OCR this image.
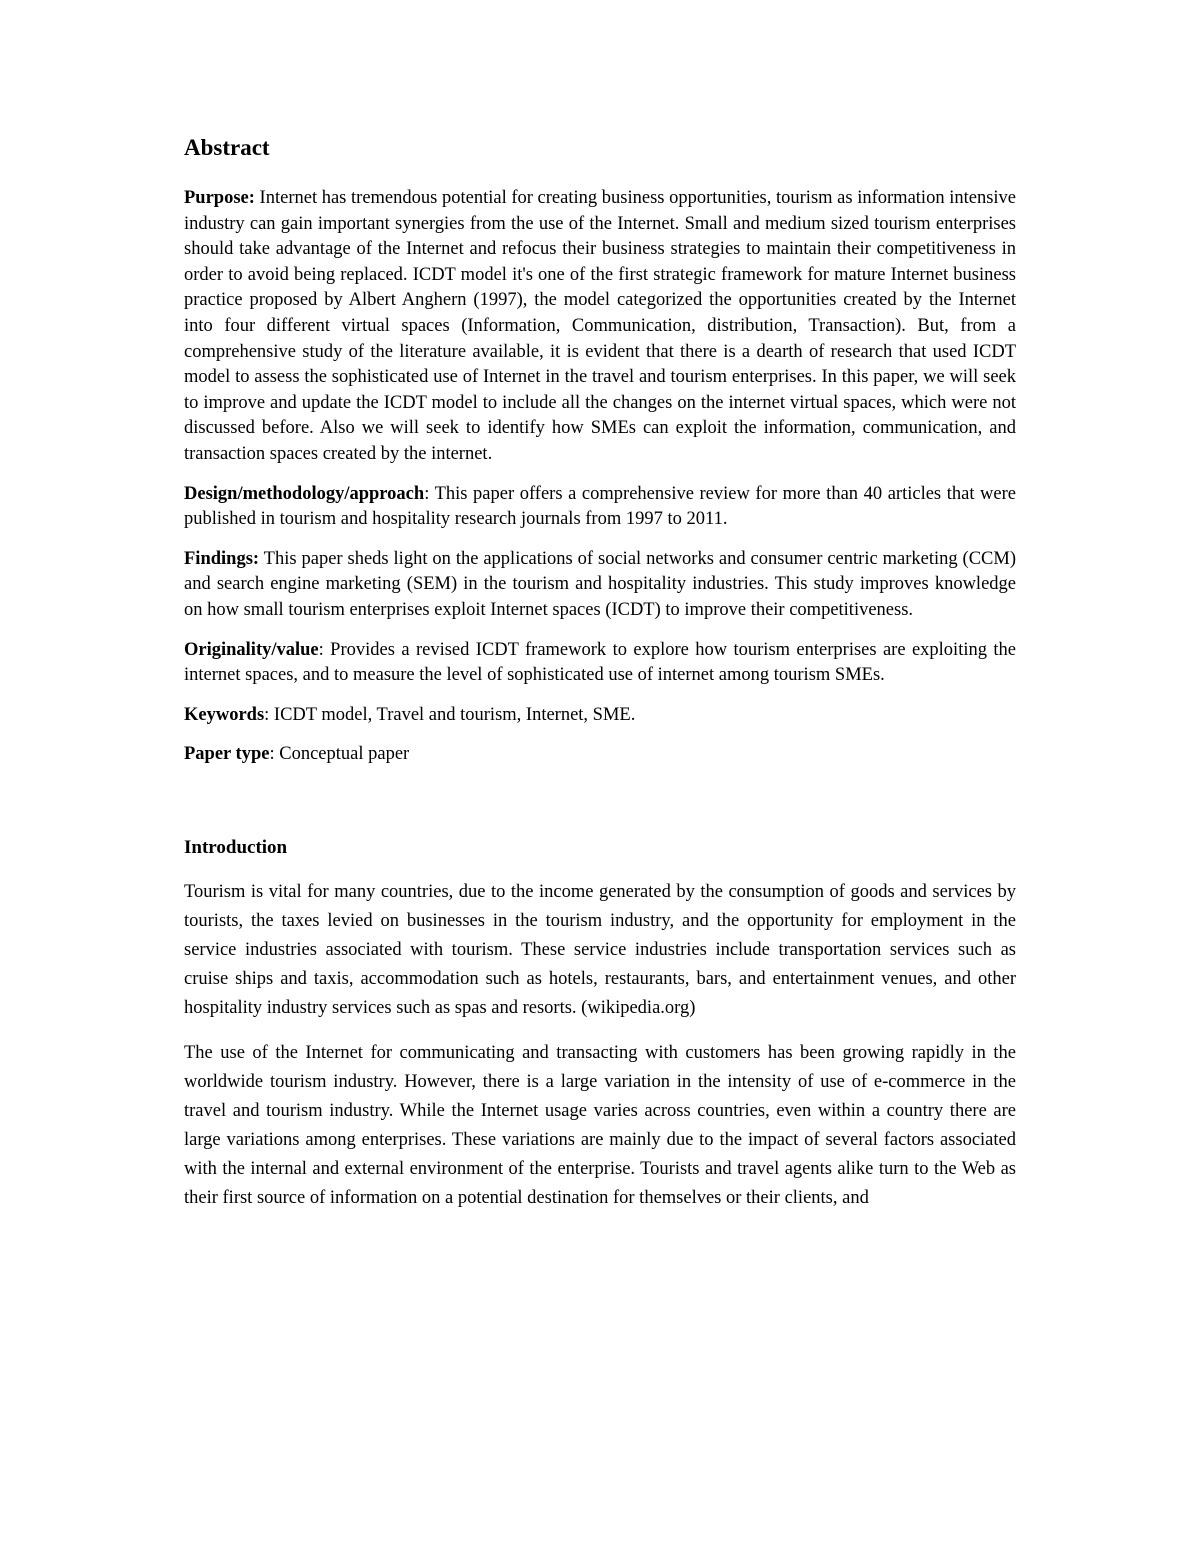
Abstract

Purpose: Internet has tremendous potential for creating business opportunities, tourism as information intensive industry can gain important synergies from the use of the Internet. Small and medium sized tourism enterprises should take advantage of the Internet and refocus their business strategies to maintain their competitiveness in order to avoid being replaced. ICDT model it's one of the first strategic framework for mature Internet business practice proposed by Albert Anghern (1997), the model categorized the opportunities created by the Internet into four different virtual spaces (Information, Communication, distribution, Transaction). But, from a comprehensive study of the literature available, it is evident that there is a dearth of research that used ICDT model to assess the sophisticated use of Internet in the travel and tourism enterprises. In this paper, we will seek to improve and update the ICDT model to include all the changes on the internet virtual spaces, which were not discussed before. Also we will seek to identify how SMEs can exploit the information, communication, and transaction spaces created by the internet.

Design/methodology/approach: This paper offers a comprehensive review for more than 40 articles that were published in tourism and hospitality research journals from 1997 to 2011.

Findings: This paper sheds light on the applications of social networks and consumer centric marketing (CCM) and search engine marketing (SEM) in the tourism and hospitality industries. This study improves knowledge on how small tourism enterprises exploit Internet spaces (ICDT) to improve their competitiveness.

Originality/value: Provides a revised ICDT framework to explore how tourism enterprises are exploiting the internet spaces, and to measure the level of sophisticated use of internet among tourism SMEs.

Keywords: ICDT model, Travel and tourism, Internet, SME.

Paper type: Conceptual paper

Introduction

Tourism is vital for many countries, due to the income generated by the consumption of goods and services by tourists, the taxes levied on businesses in the tourism industry, and the opportunity for employment in the service industries associated with tourism. These service industries include transportation services such as cruise ships and taxis, accommodation such as hotels, restaurants, bars, and entertainment venues, and other hospitality industry services such as spas and resorts. (wikipedia.org)

The use of the Internet for communicating and transacting with customers has been growing rapidly in the worldwide tourism industry. However, there is a large variation in the intensity of use of e-commerce in the travel and tourism industry. While the Internet usage varies across countries, even within a country there are large variations among enterprises. These variations are mainly due to the impact of several factors associated with the internal and external environment of the enterprise. Tourists and travel agents alike turn to the Web as their first source of information on a potential destination for themselves or their clients, and
